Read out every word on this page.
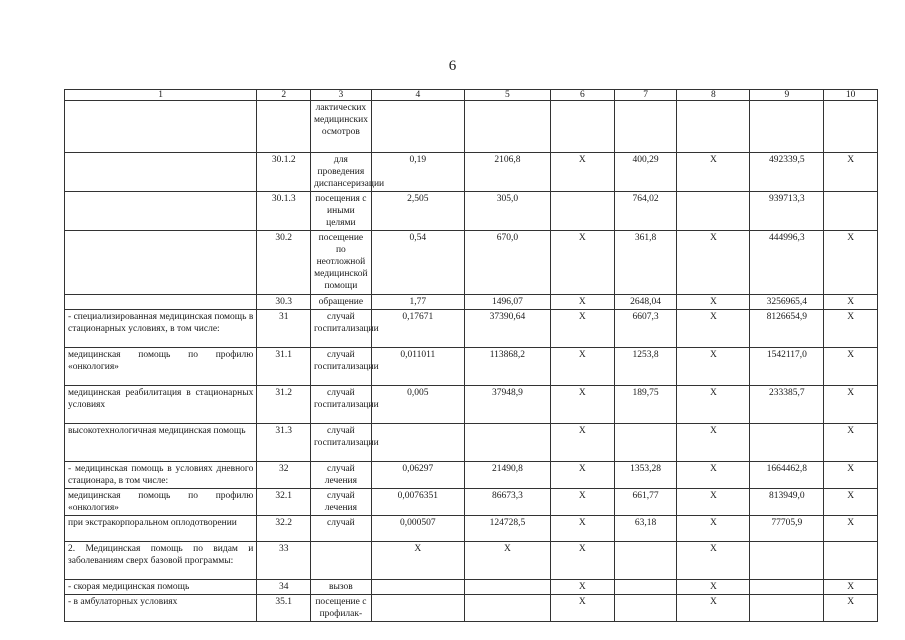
6
1	2	3	4	5	6	7	8	9	10
		лактических медицинских осмотров							
	30.1.2	для проведения диспансеризации	0,19	2106,8	X	400,29	X	492339,5	X
	30.1.3	посещения с иными целями	2,505	305,0		764,02		939713,3	
	30.2	посещение по неотложной медицинской помощи	0,54	670,0	X	361,8	X	444996,3	X
	30.3	обращение	1,77	1496,07	X	2648,04	X	3256965,4	X
- специализированная медицинская помощь в стационарных условиях, в том числе:	31	случай госпитализации	0,17671	37390,64	X	6607,3	X	8126654,9	X
медицинская помощь по профилю «онкология»	31.1	случай госпитализации	0,011011	113868,2	X	1253,8	X	1542117,0	X
медицинская реабилитация в стационарных условиях	31.2	случай госпитализации	0,005	37948,9	X	189,75	X	233385,7	X
высокотехнологичная медицинская помощь	31.3	случай госпитализации			X		X		X
- медицинская помощь в условиях дневного стационара, в том числе:	32	случай лечения	0,06297	21490,8	X	1353,28	X	1664462,8	X
медицинская помощь по профилю «онкология»	32.1	случай лечения	0,0076351	86673,3	X	661,77	X	813949,0	X
при экстракорпоральном оплодотворении	32.2	случай	0,000507	124728,5	X	63,18	X	77705,9	X
2. Медицинская помощь по видам и заболеваниям сверх базовой программы:	33		X	X	X		X		
- скорая медицинская помощь	34	вызов			X		X		X
- в амбулаторных условиях	35.1	посещение с профилак-			X		X		X
